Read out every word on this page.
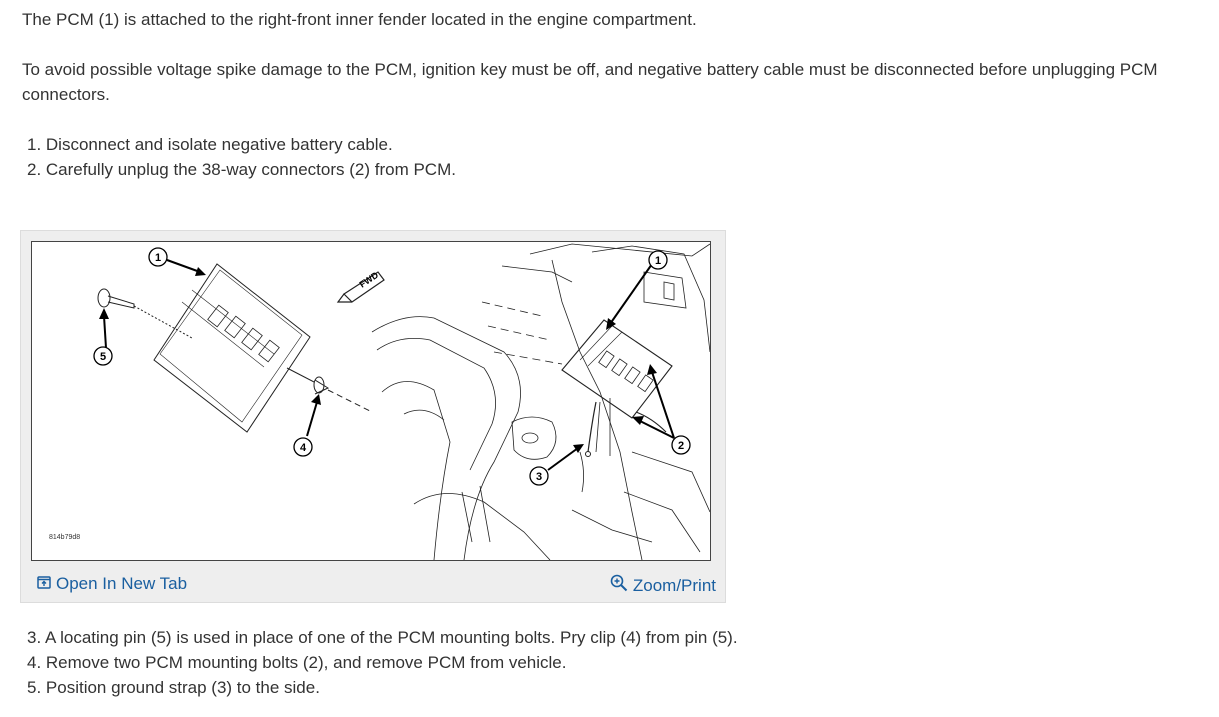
The PCM (1) is attached to the right-front inner fender located in the engine compartment.

To avoid possible voltage spike damage to the PCM, ignition key must be off, and negative battery cable must be disconnected before unplugging PCM connectors.

1. Disconnect and isolate negative battery cable.

2. Carefully unplug the 38-way connectors (2) from PCM.

1
5
4
1
2
3
FWD
814b79d8
Open In New Tab	Zoom/Print

3. A locating pin (5) is used in place of one of the PCM mounting bolts. Pry clip (4) from pin (5).

4. Remove two PCM mounting bolts (2), and remove PCM from vehicle.

5. Position ground strap (3) to the side.
